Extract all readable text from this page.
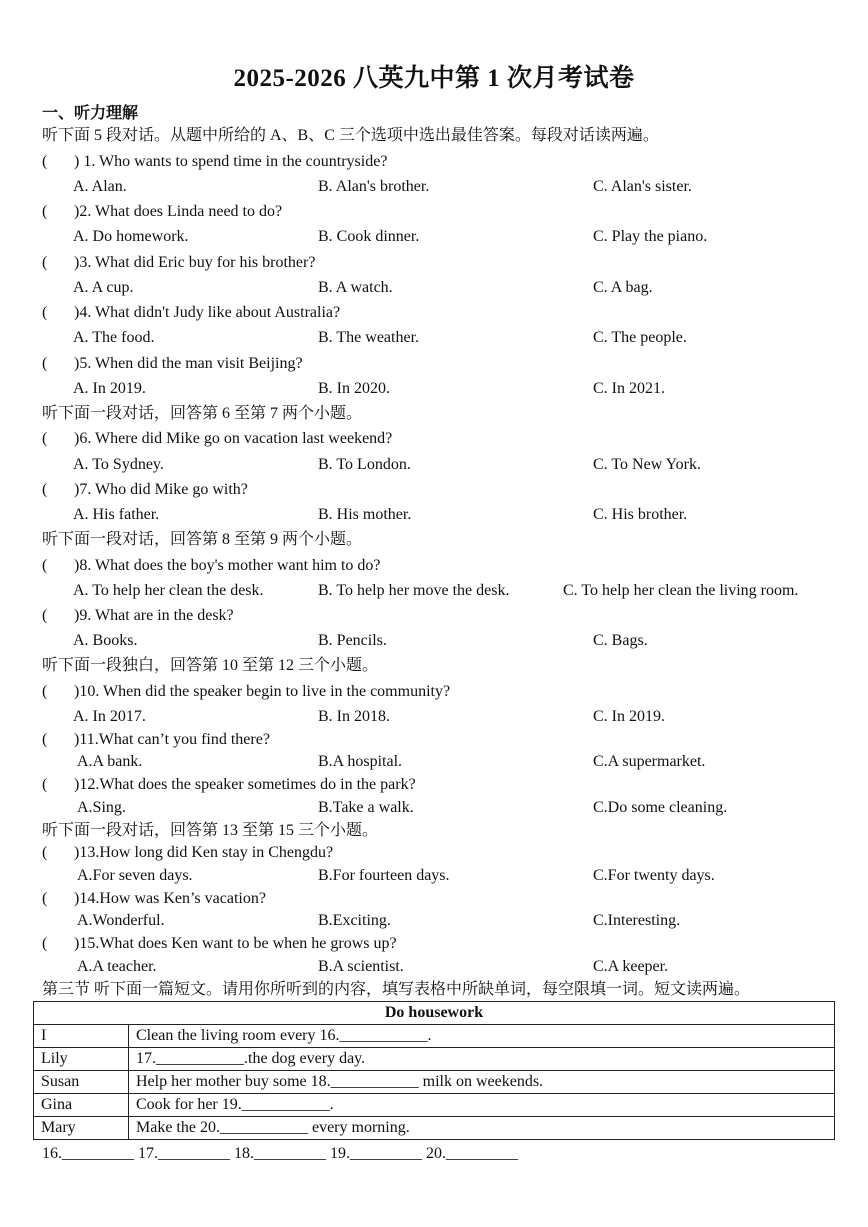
2025-2026 八英九中第 1 次月考试卷
一、听力理解
听下面 5 段对话。从题中所给的 A、B、C 三个选项中选出最佳答案。每段对话读两遍。
( ) 1. Who wants to spend time in the countryside?
A. Alan.	B. Alan's brother.	C. Alan's sister.
( )2. What does Linda need to do?
A. Do homework.	B. Cook dinner.	C. Play the piano.
( )3. What did Eric buy for his brother?
A. A cup.	B. A watch.	C. A bag.
( )4. What didn't Judy like about Australia?
A. The food.	B. The weather.	C. The people.
( )5. When did the man visit Beijing?
A. In 2019.	B. In 2020.	C. In 2021.
听下面一段对话，回答第 6 至第 7 两个小题。
( )6. Where did Mike go on vacation last weekend?
A. To Sydney.	B. To London.	C. To New York.
( )7. Who did Mike go with?
A. His father.	B. His mother.	C. His brother.
听下面一段对话，回答第 8 至第 9 两个小题。
( )8. What does the boy's mother want him to do?
A. To help her clean the desk.	B. To help her move the desk.	C. To help her clean the living room.
( )9. What are in the desk?
A. Books.	B. Pencils.	C. Bags.
听下面一段独白，回答第 10 至第 12 三个小题。
( )10. When did the speaker begin to live in the community?
A. In 2017.	B. In 2018.	C. In 2019.
( )11.What can’t you find there?
A.A bank.	B.A hospital.	C.A supermarket.
( )12.What does the speaker sometimes do in the park?
A.Sing.	B.Take a walk.	C.Do some cleaning.
听下面一段对话，回答第 13 至第 15 三个小题。
( )13.How long did Ken stay in Chengdu?
A.For seven days.	B.For fourteen days.	C.For twenty days.
( )14.How was Ken’s vacation?
A.Wonderful.	B.Exciting.	C.Interesting.
( )15.What does Ken want to be when he grows up?
A.A teacher.	B.A scientist.	C.A keeper.
第三节 听下面一篇短文。请用你所听到的内容，填写表格中所缺单词，每空限填一词。短文读两遍。
Do housework	
I	Clean the living room every 16.___________.
Lily	17.___________.the dog every day.
Susan	Help her mother buy some 18.___________ milk on weekends.
Gina	Cook for her 19.___________.
Mary	Make the 20.___________ every morning.
16._________ 17._________ 18._________ 19._________ 20._________
